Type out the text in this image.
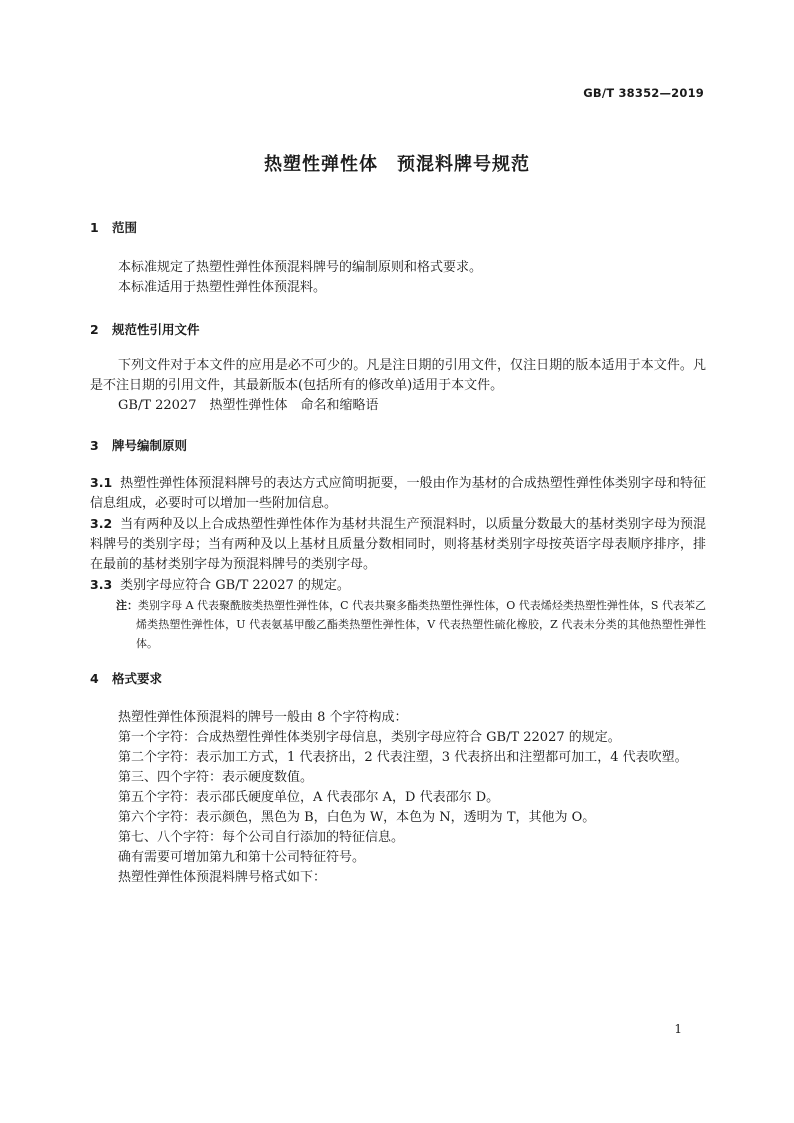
GB/T 38352—2019
热塑性弹性体　预混料牌号规范
1	范围
本标准规定了热塑性弹性体预混料牌号的编制原则和格式要求。
本标准适用于热塑性弹性体预混料。
2	规范性引用文件
下列文件对于本文件的应用是必不可少的。凡是注日期的引用文件，仅注日期的版本适用于本文件。凡是不注日期的引用文件，其最新版本(包括所有的修改单)适用于本文件。
GB/T 22027　热塑性弹性体　命名和缩略语
3	牌号编制原则
3.1 热塑性弹性体预混料牌号的表达方式应简明扼要，一般由作为基材的合成热塑性弹性体类别字母和特征信息组成，必要时可以增加一些附加信息。
3.2 当有两种及以上合成热塑性弹性体作为基材共混生产预混料时，以质量分数最大的基材类别字母为预混料牌号的类别字母；当有两种及以上基材且质量分数相同时，则将基材类别字母按英语字母表顺序排序，排在最前的基材类别字母为预混料牌号的类别字母。
3.3 类别字母应符合 GB/T 22027 的规定。
注：类别字母 A 代表聚酰胺类热塑性弹性体，C 代表共聚多酯类热塑性弹性体，O 代表烯烃类热塑性弹性体，S 代表苯乙烯类热塑性弹性体，U 代表氨基甲酸乙酯类热塑性弹性体，V 代表热塑性硫化橡胶，Z 代表未分类的其他热塑性弹性体。
4	格式要求
热塑性弹性体预混料的牌号一般由 8 个字符构成：
第一个字符：合成热塑性弹性体类别字母信息，类别字母应符合 GB/T 22027 的规定。
第二个字符：表示加工方式，1 代表挤出，2 代表注塑，3 代表挤出和注塑都可加工，4 代表吹塑。
第三、四个字符：表示硬度数值。
第五个字符：表示邵氏硬度单位，A 代表邵尔 A，D 代表邵尔 D。
第六个字符：表示颜色，黑色为 B，白色为 W，本色为 N，透明为 T，其他为 O。
第七、八个字符：每个公司自行添加的特征信息。
确有需要可增加第九和第十公司特征符号。
热塑性弹性体预混料牌号格式如下：
1
